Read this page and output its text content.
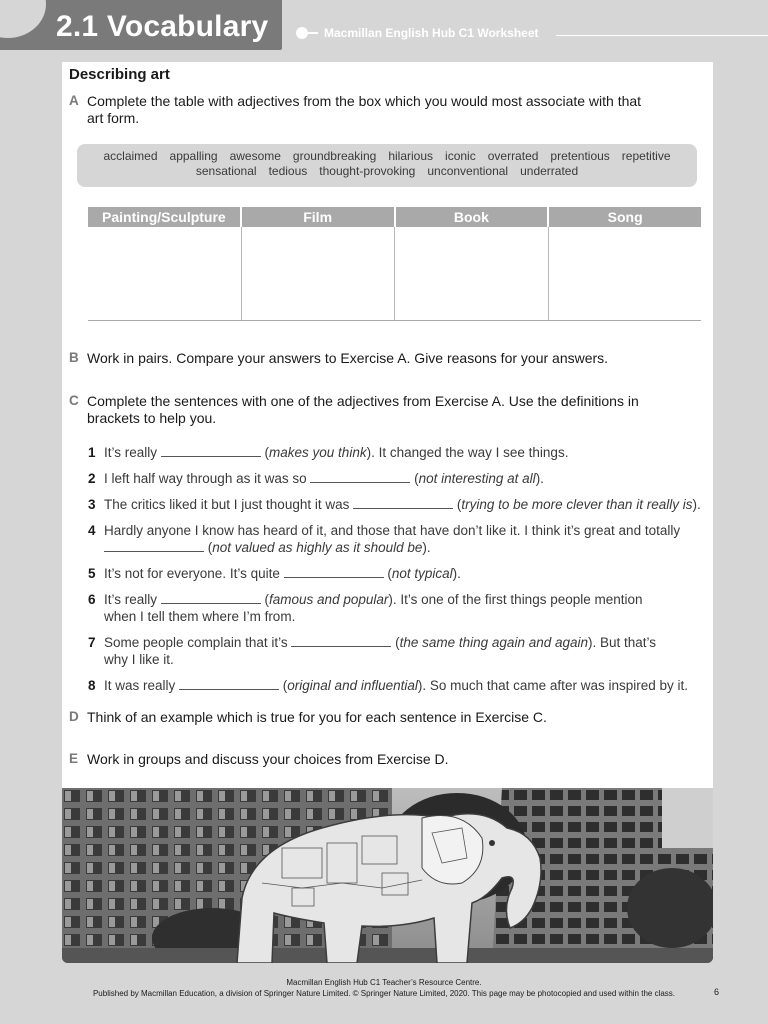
2.1 Vocabulary	Macmillan English Hub C1 Worksheet
Describing art
A Complete the table with adjectives from the box which you would most associate with that
art form.
acclaimed appalling awesome groundbreaking hilarious iconic overrated pretentious repetitive
sensational tedious thought-provoking unconventional underrated
Painting/Sculpture	Film	Book	Song
B Work in pairs. Compare your answers to Exercise A. Give reasons for your answers.
C Complete the sentences with one of the adjectives from Exercise A. Use the definitions in
brackets to help you.
1 It’s really	(makes you think). It changed the way I see things.
2 I left half way through as it was so	(not interesting at all).
3 The critics liked it but I just thought it was	(trying to be more clever than it really is).
4 Hardly anyone I know has heard of it, and those that have don’t like it. I think it’s great and totally
(not valued as highly as it should be).
5 It’s not for everyone. It’s quite	(not typical).
6 It’s really	(famous and popular). It’s one of the first things people mention
when I tell them where I’m from.
7 Some people complain that it’s	(the same thing again and again). But that’s
why I like it.
8 It was really	(original and influential). So much that came after was inspired by it.
D Think of an example which is true for you for each sentence in Exercise C.
E Work in groups and discuss your choices from Exercise D.
Macmillan English Hub C1 Teacher’s Resource Centre.
Published by Macmillan Education, a division of Springer Nature Limited. © Springer Nature Limited, 2020. This page may be photocopied and used within the class.	6
